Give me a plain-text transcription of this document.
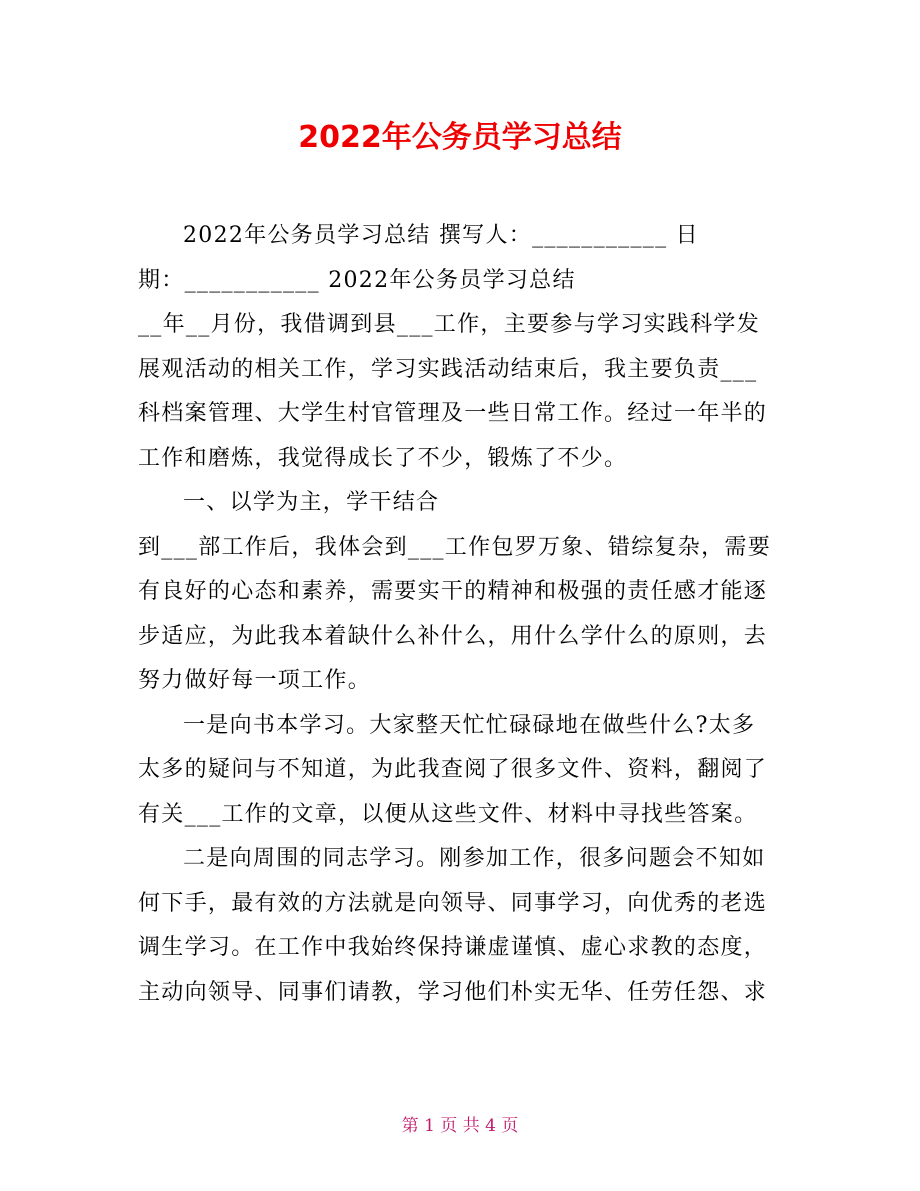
2022年公务员学习总结
2022年公务员学习总结 撰写人：___________ 日
期：___________ 2022年公务员学习总结
__年__月份，我借调到县___工作，主要参与学习实践科学发
展观活动的相关工作，学习实践活动结束后，我主要负责___
科档案管理、大学生村官管理及一些日常工作。经过一年半的
工作和磨炼，我觉得成长了不少，锻炼了不少。
一、以学为主，学干结合
到___部工作后，我体会到___工作包罗万象、错综复杂，需要
有良好的心态和素养，需要实干的精神和极强的责任感才能逐
步适应，为此我本着缺什么补什么，用什么学什么的原则，去
努力做好每一项工作。
一是向书本学习。大家整天忙忙碌碌地在做些什么?太多
太多的疑问与不知道，为此我查阅了很多文件、资料，翻阅了
有关___工作的文章，以便从这些文件、材料中寻找些答案。
二是向周围的同志学习。刚参加工作，很多问题会不知如
何下手，最有效的方法就是向领导、同事学习，向优秀的老选
调生学习。在工作中我始终保持谦虚谨慎、虚心求教的态度，
主动向领导、同事们请教，学习他们朴实无华、任劳任怨、求
第 1 页 共 4 页
